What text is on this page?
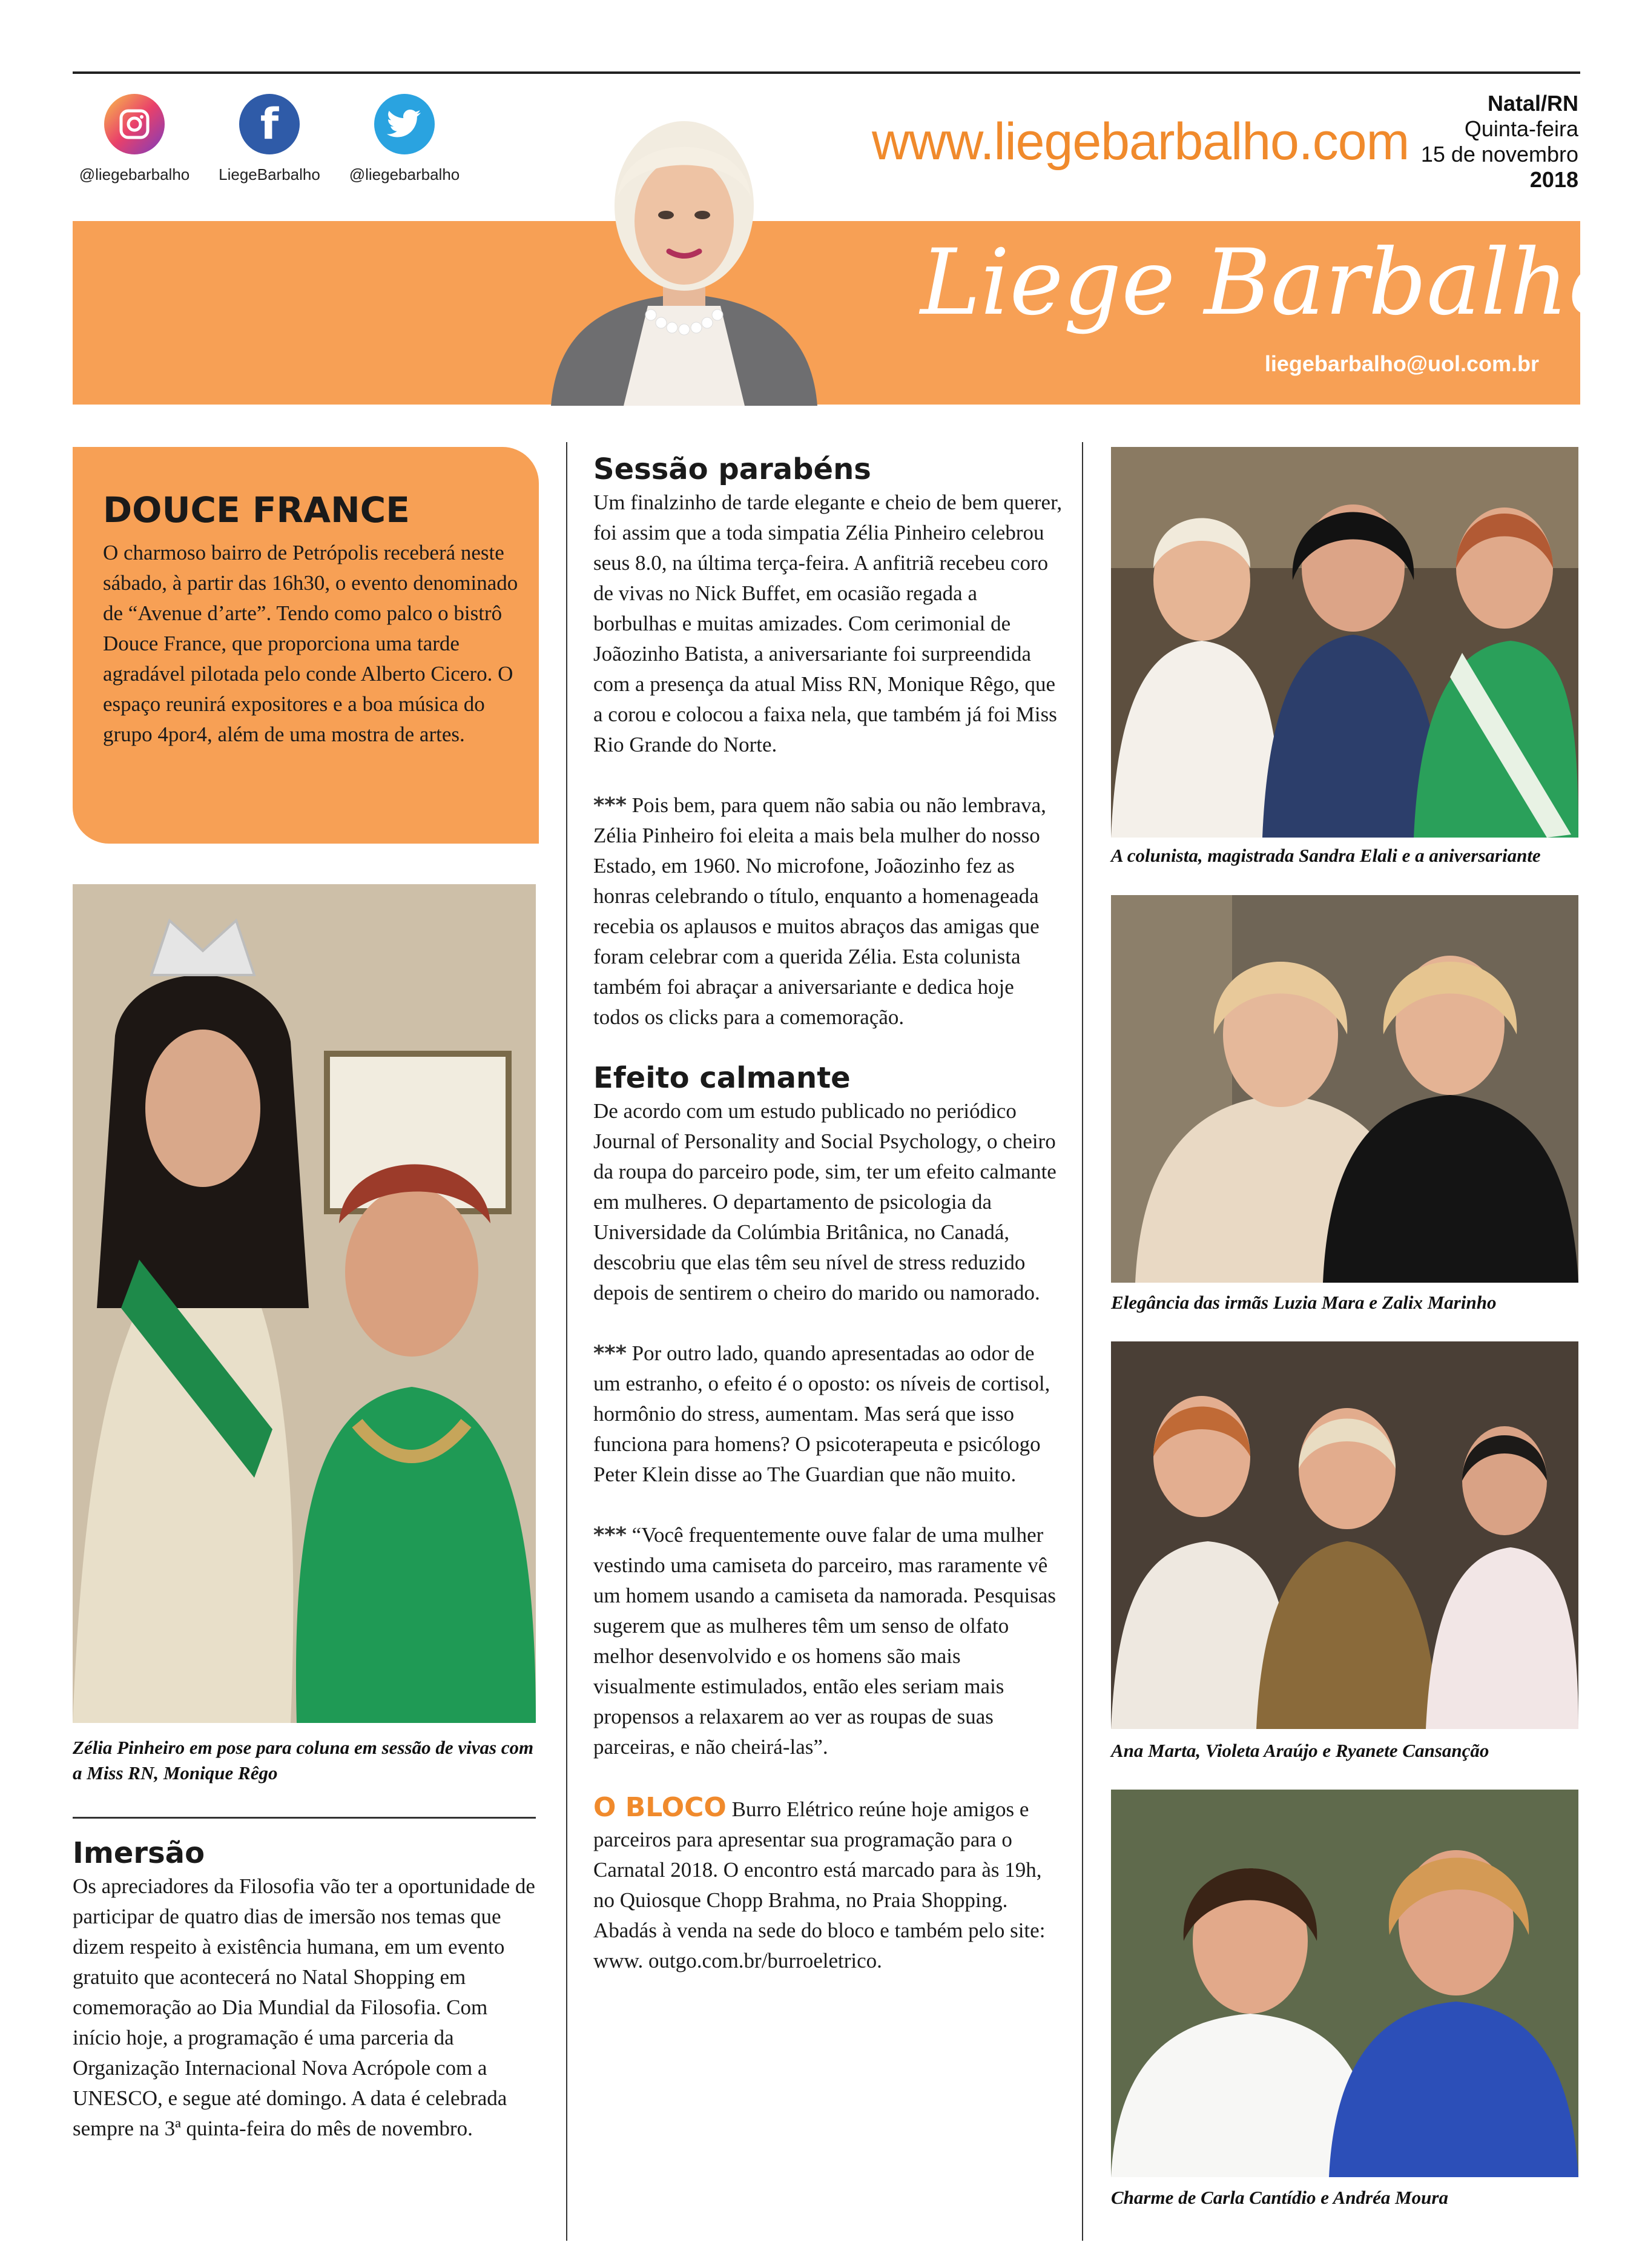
@liegebarbalho
f
LiegeBarbalho	@liegebarbalho
www.liegebarbalho.com
Natal/RN
Quinta-feira
15 de novembro
2018
Liege Barbalho
liegebarbalho@uol.com.br
DOUCE FRANCE

O charmoso bairro de Petrópolis receberá neste sábado, à partir das 16h30, o evento denominado de “Avenue d’arte”. Tendo como palco o bistrô Douce France, que proporciona uma tarde agradável pilotada pelo conde Alberto Cicero. O espaço reunirá expositores e a boa música do grupo 4por4, além de uma mostra de artes.

Zélia Pinheiro em pose para coluna em sessão de vivas com a Miss RN, Monique Rêgo
Imersão

Os apreciadores da Filosofia vão ter a oportunidade de participar de quatro dias de imersão nos temas que dizem respeito à existência humana, em um evento gratuito que acontecerá no Natal Shopping em comemoração ao Dia Mundial da Filosofia. Com início hoje, a programação é uma parceria da Organização Internacional Nova Acrópole com a UNESCO, e segue até domingo. A data é celebrada sempre na 3ª quinta-feira do mês de novembro.

Sessão parabéns

Um finalzinho de tarde elegante e cheio de bem querer, foi assim que a toda simpatia Zélia Pinheiro celebrou seus 8.0, na última terça-feira. A anfitriã recebeu coro de vivas no Nick Buffet, em ocasião regada a borbulhas e muitas amizades. Com cerimonial de Joãozinho Batista, a aniversariante foi surpreendida com a presença da atual Miss RN, Monique Rêgo, que a corou e colocou a faixa nela, que também já foi Miss Rio Grande do Norte.

*** Pois bem, para quem não sabia ou não lembrava, Zélia Pinheiro foi eleita a mais bela mulher do nosso Estado, em 1960. No microfone, Joãozinho fez as honras celebrando o título, enquanto a homenageada recebia os aplausos e muitos abraços das amigas que foram celebrar com a querida Zélia. Esta colunista também foi abraçar a aniversariante e dedica hoje todos os clicks para a comemoração.

Efeito calmante

De acordo com um estudo publicado no periódico Journal of Personality and Social Psychology, o cheiro da roupa do parceiro pode, sim, ter um efeito calmante em mulheres. O departamento de psicologia da Universidade da Colúmbia Britânica, no Canadá, descobriu que elas têm seu nível de stress reduzido depois de sentirem o cheiro do marido ou namorado.

*** Por outro lado, quando apresentadas ao odor de um estranho, o efeito é o oposto: os níveis de cortisol, hormônio do stress, aumentam. Mas será que isso funciona para homens? O psicoterapeuta e psicólogo Peter Klein disse ao The Guardian que não muito.

*** “Você frequentemente ouve falar de uma mulher vestindo uma camiseta do parceiro, mas raramente vê um homem usando a camiseta da namorada. Pesquisas sugerem que as mulheres têm um senso de olfato melhor desenvolvido e os homens são mais visualmente estimulados, então eles seriam mais propensos a relaxarem ao ver as roupas de suas parceiras, e não cheirá-las”.

O BLOCO Burro Elétrico reúne hoje amigos e parceiros para apresentar sua programação para o Carnatal 2018. O encontro está marcado para às 19h, no Quiosque Chopp Brahma, no Praia Shopping. Abadás à venda na sede do bloco e também pelo site: www. outgo.com.br/burroeletrico.

A colunista, magistrada Sandra Elali e a aniversariante
Elegância das irmãs Luzia Mara e Zalix Marinho
Ana Marta, Violeta Araújo e Ryanete Cansanção
Charme de Carla Cantídio e Andréa Moura
